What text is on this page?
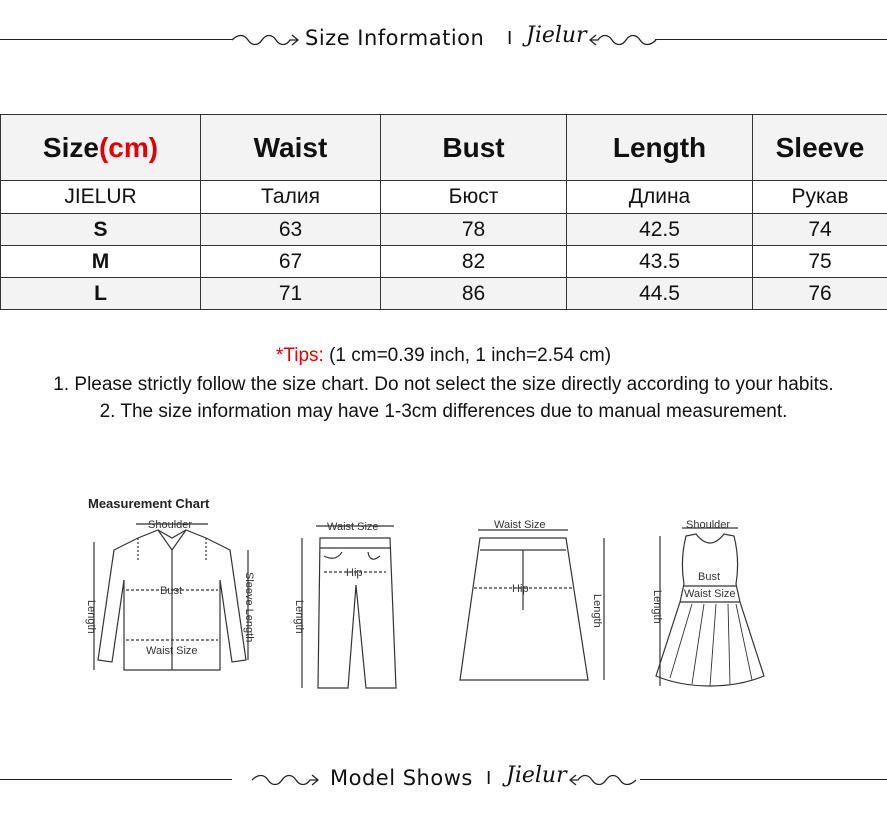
Size Information I Jielur
Size(cm)	Waist	Bust	Length	Sleeve
JIELUR	Талия	Бюст	Длина	Рукав
S	63	78	42.5	74
M	67	82	43.5	75
L	71	86	44.5	76
*Tips: (1 cm=0.39 inch, 1 inch=2.54 cm)
1. Please strictly follow the size chart. Do not select the size directly according to your habits.
2. The size information may have 1-3cm differences due to manual measurement.
Measurement Chart
Shoulder
Bust
Waist Size
Length	Sleeve Length
Waist Size
Hip
Length
Waist Size
Hip
Length
Shoulder
Bust
Waist Size
Length
Model Shows I Jielur
